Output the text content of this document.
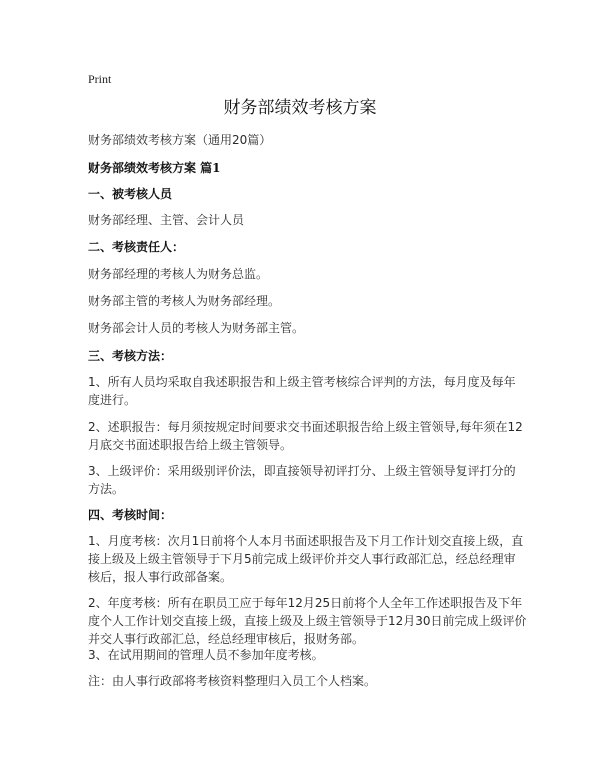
Print
财务部绩效考核方案
财务部绩效考核方案（通用20篇）
财务部绩效考核方案 篇1
一、被考核人员
财务部经理、主管、会计人员
二、考核责任人：
财务部经理的考核人为财务总监。
财务部主管的考核人为财务部经理。
财务部会计人员的考核人为财务部主管。
三、考核方法：
1、所有人员均采取自我述职报告和上级主管考核综合评判的方法，每月度及每年
度进行。
2、述职报告：每月须按规定时间要求交书面述职报告给上级主管领导,每年须在12
月底交书面述职报告给上级主管领导。
3、上级评价：采用级别评价法，即直接领导初评打分、上级主管领导复评打分的
方法。
四、考核时间：
1、月度考核：次月1日前将个人本月书面述职报告及下月工作计划交直接上级，直
接上级及上级主管领导于下月5前完成上级评价并交人事行政部汇总，经总经理审
核后，报人事行政部备案。
2、年度考核：所有在职员工应于每年12月25日前将个人全年工作述职报告及下年
度个人工作计划交直接上级，直接上级及上级主管领导于12月30日前完成上级评价
并交人事行政部汇总，经总经理审核后，报财务部。
3、在试用期间的管理人员不参加年度考核。
注：由人事行政部将考核资料整理归入员工个人档案。
